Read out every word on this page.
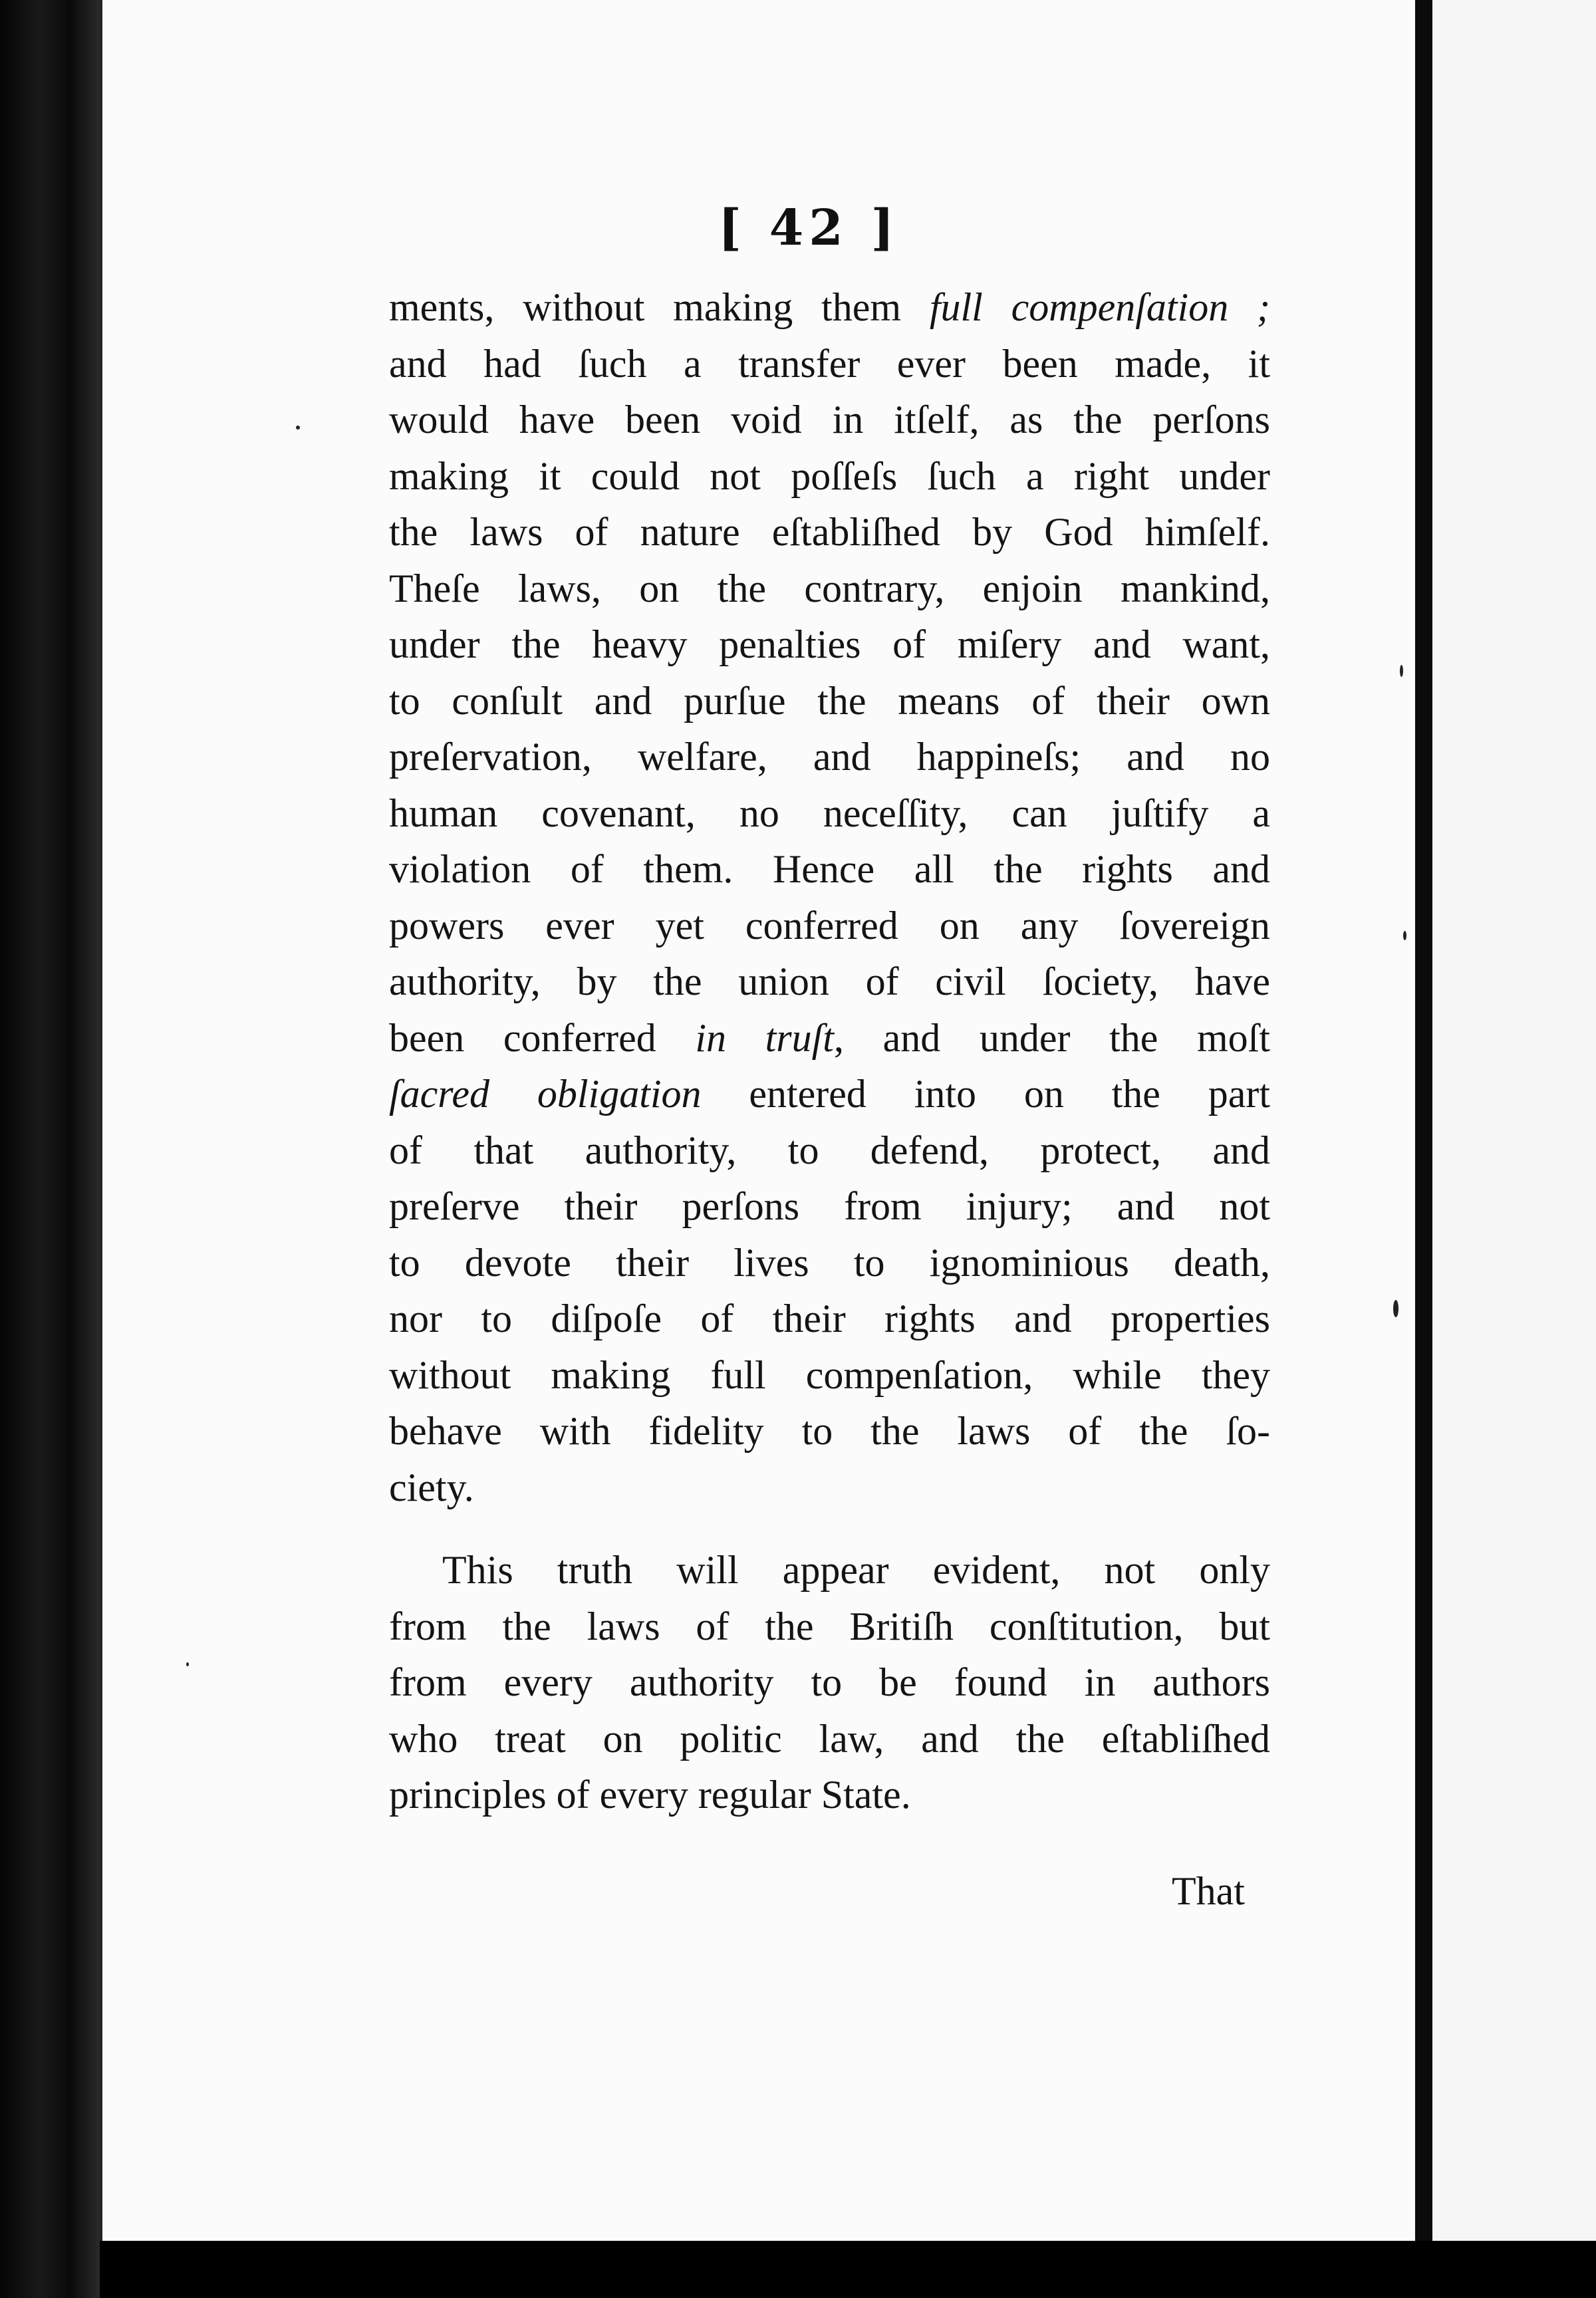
[ 42 ]
ments, without making them full compenſation ;
and had ſuch a transfer ever been made, it
would have been void in itſelf, as the perſons
making it could not poſſeſs ſuch a right under
the laws of nature eſtabliſhed by God himſelf.
Theſe laws, on the contrary, enjoin mankind,
under the heavy penalties of miſery and want,
to conſult and purſue the means of their own
preſervation, welfare, and happineſs; and no
human covenant, no neceſſity, can juſtify a
violation of them. Hence all the rights and
powers ever yet conferred on any ſovereign
authority, by the union of civil ſociety, have
been conferred in truſt, and under the moſt
ſacred obligation entered into on the part
of that authority, to defend, protect, and
preſerve their perſons from injury; and not
to devote their lives to ignominious death,
nor to diſpoſe of their rights and properties
without making full compenſation, while they
behave with fidelity to the laws of the ſo-
ciety.
This truth will appear evident, not only
from the laws of the Britiſh conſtitution, but
from every authority to be found in authors
who treat on politic law, and the eſtabliſhed
principles of every regular State.
That
